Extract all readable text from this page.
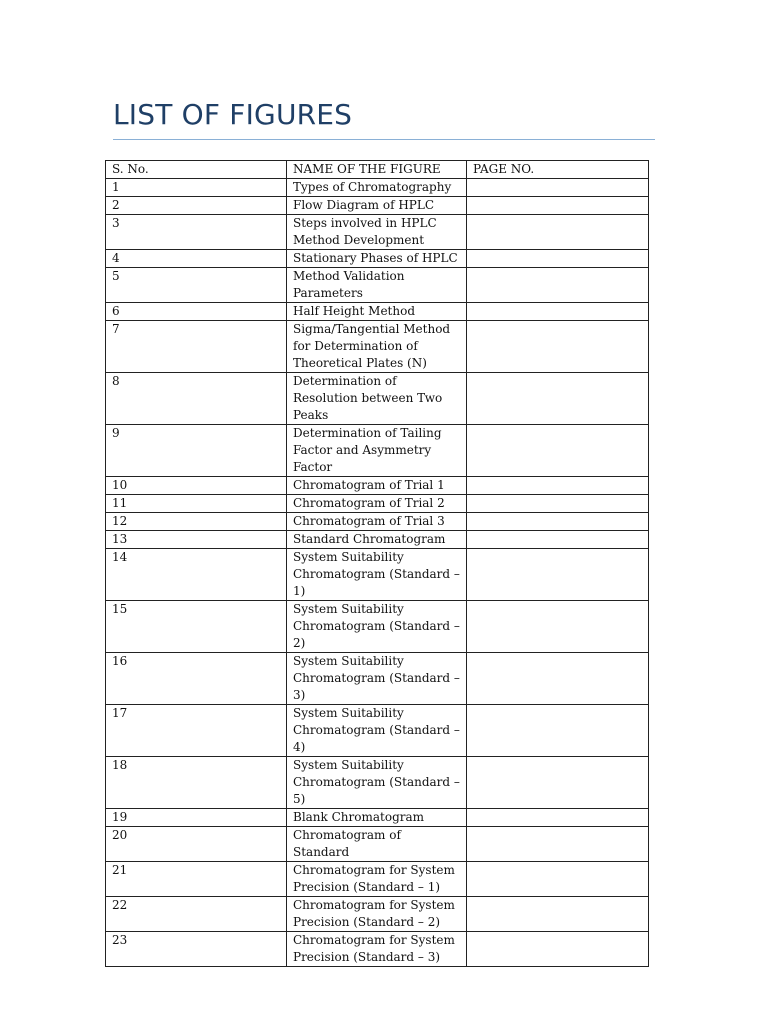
LIST OF FIGURES
S. No.	NAME OF THE FIGURE	PAGE NO.
1	Types of Chromatography	
2	Flow Diagram of HPLC	
3	Steps involved in HPLC Method Development	
4	Stationary Phases of HPLC	
5	Method Validation Parameters	
6	Half Height Method	
7	Sigma/Tangential Method for Determination of Theoretical Plates (N)	
8	Determination of Resolution between Two Peaks	
9	Determination of Tailing Factor and Asymmetry Factor	
10	Chromatogram of Trial 1	
11	Chromatogram of Trial 2	
12	Chromatogram of Trial 3	
13	Standard Chromatogram	
14	System Suitability Chromatogram (Standard – 1)	
15	System Suitability Chromatogram (Standard – 2)	
16	System Suitability Chromatogram (Standard – 3)	
17	System Suitability Chromatogram (Standard – 4)	
18	System Suitability Chromatogram (Standard – 5)	
19	Blank Chromatogram	
20	Chromatogram of Standard	
21	Chromatogram for System Precision (Standard – 1)	
22	Chromatogram for System Precision (Standard – 2)	
23	Chromatogram for System Precision (Standard – 3)	
